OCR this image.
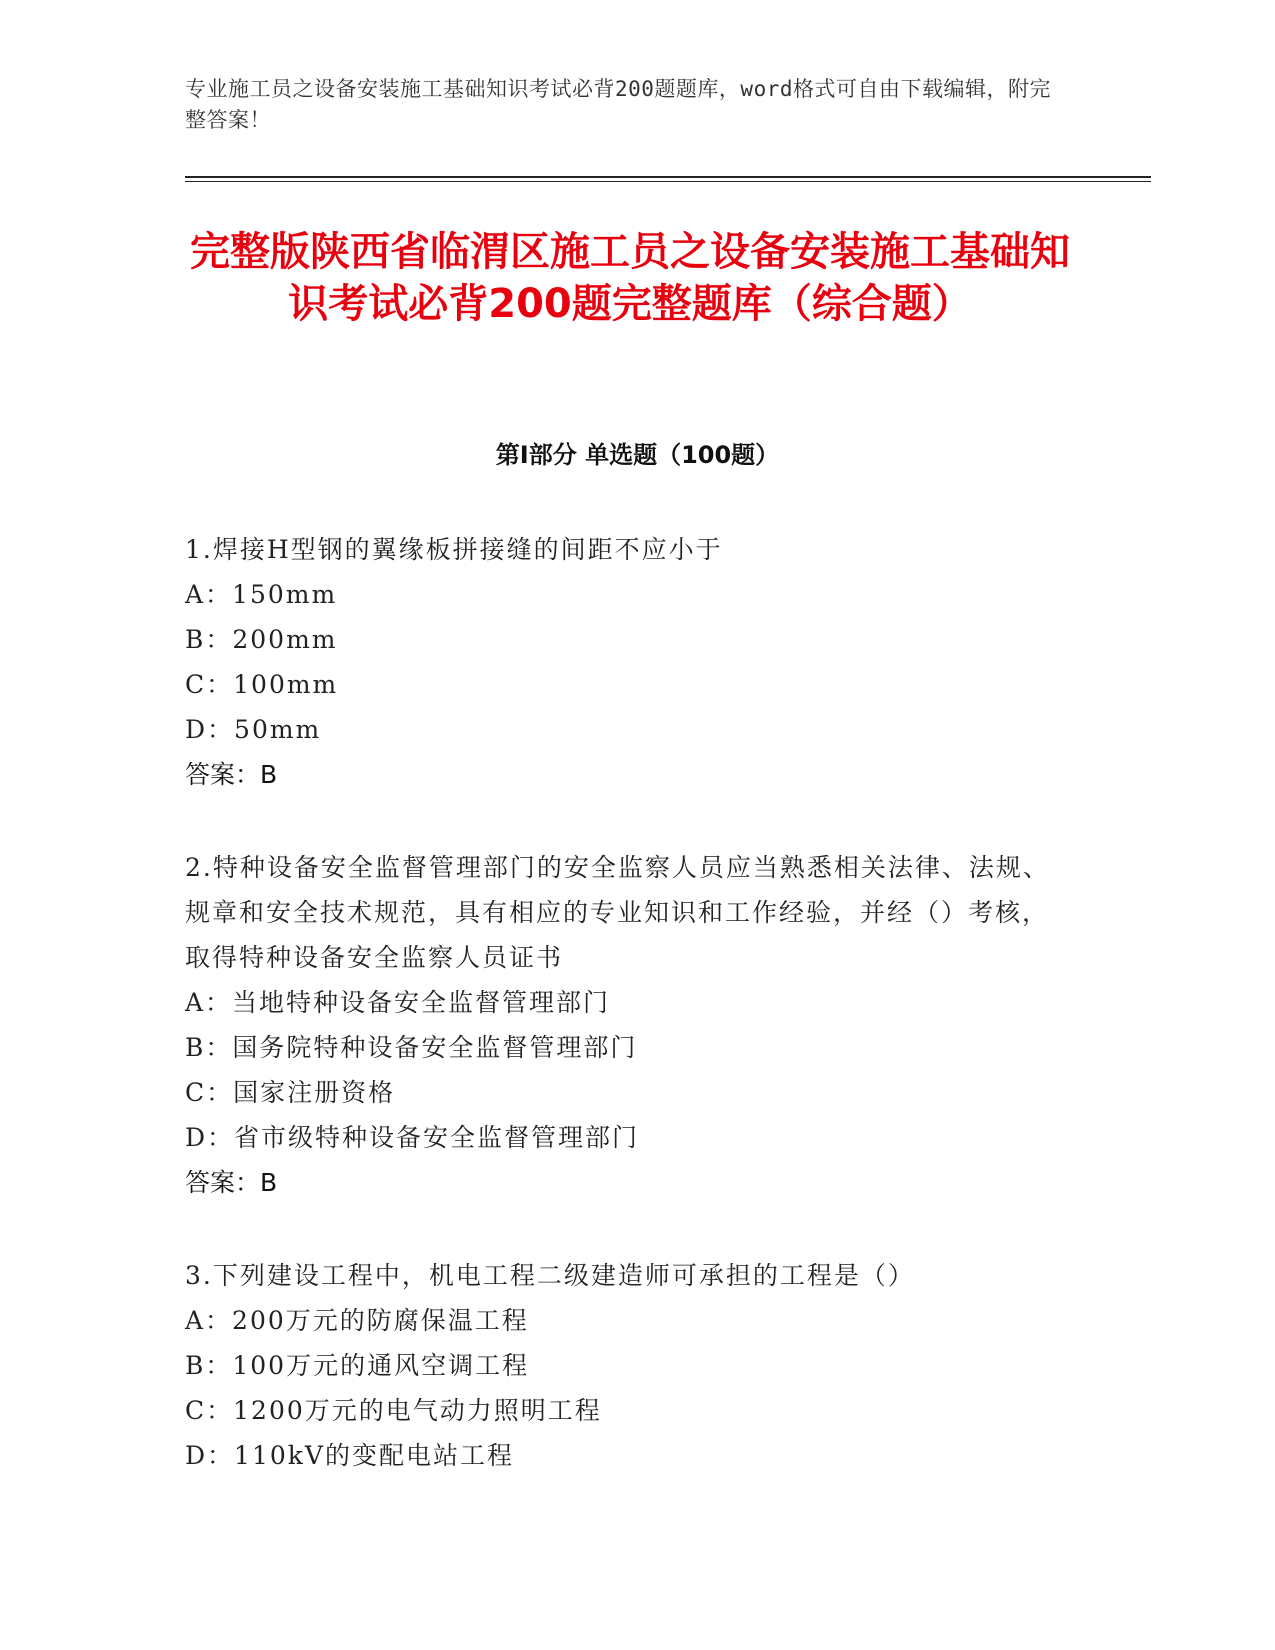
专业施工员之设备安装施工基础知识考试必背200题题库，word格式可自由下载编辑，附完整答案！
完整版陕西省临渭区施工员之设备安装施工基础知识考试必背200题完整题库（综合题）
第I部分 单选题（100题）
1.焊接H型钢的翼缘板拼接缝的间距不应小于
A：150mm
B：200mm
C：100mm
D：50mm
答案：B
2.特种设备安全监督管理部门的安全监察人员应当熟悉相关法律、法规、规章和安全技术规范，具有相应的专业知识和工作经验，并经（）考核，取得特种设备安全监察人员证书
A：当地特种设备安全监督管理部门
B：国务院特种设备安全监督管理部门
C：国家注册资格
D：省市级特种设备安全监督管理部门
答案：B
3.下列建设工程中，机电工程二级建造师可承担的工程是（）
A：200万元的防腐保温工程
B：100万元的通风空调工程
C：1200万元的电气动力照明工程
D：110kV的变配电站工程
